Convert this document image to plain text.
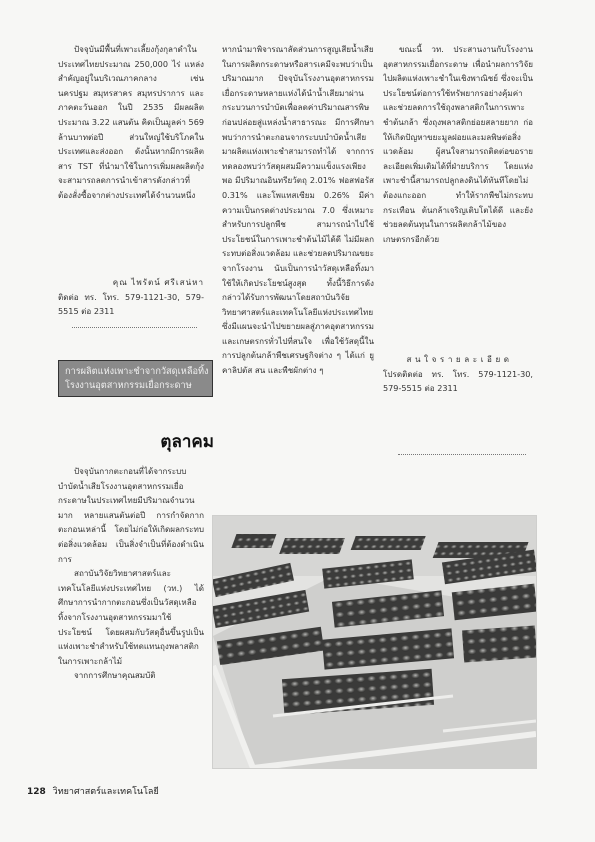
ปัจจุบันมีพื้นที่เพาะเลี้ยงกุ้งกุลาดำในประเทศไทยประมาณ 250,000 ไร่ แหล่งสำคัญอยู่ในบริเวณภาคกลาง เช่น นครปฐม สมุทรสาคร สมุทรปราการ และภาคตะวันออก ในปี 2535 มีผลผลิตประมาณ 3.22 แสนตัน คิดเป็นมูลค่า 569 ล้านบาทต่อปี ส่วนใหญ่ใช้บริโภคในประเทศและส่งออก ดังนั้นหากมีการผลิตสาร TST ที่นำมาใช้ในการเพิ่มผลผลิตกุ้งจะสามารถลดการนำเข้าสารดังกล่าวที่ต้องสั่งซื้อจากต่างประเทศได้จำนวนหนึ่ง

คุณ ไพรัตน์ ศรีเสน่หา

ติดต่อ ทร. โทร. 579-1121-30, 579-5515 ต่อ 2311

การผลิตแห่งเพาะชำจากวัสดุเหลือทิ้งโรงงานอุตสาหกรรมเยื่อกระดาษ
ตุลาคม

ปัจจุบันกากตะกอนที่ได้จากระบบบำบัดน้ำเสียโรงงานอุตสาหกรรมเยื่อกระดาษในประเทศไทยมีปริมาณจำนวนมาก หลายแสนตันต่อปี การกำจัดกากตะกอนเหล่านี้ โดยไม่ก่อให้เกิดผลกระทบต่อสิ่งแวดล้อม เป็นสิ่งจำเป็นที่ต้องดำเนินการ

สถาบันวิจัยวิทยาศาสตร์และเทคโนโลยีแห่งประเทศไทย (วท.) ได้ศึกษาการนำกากตะกอนซึ่งเป็นวัสดุเหลือทิ้งจากโรงงานอุตสาหกรรมมาใช้ประโยชน์ โดยผสมกับวัสดุอื่นขึ้นรูปเป็นแห่งเพาะชำสำหรับใช้ทดแทนถุงพลาสติกในการเพาะกล้าไม้

จากการศึกษาคุณสมบัติ

หากนำมาพิจารณาสัดส่วนการสูญเสียน้ำเสียในการผลิตกระดาษหรือสารเคมีจะพบว่าเป็นปริมาณมาก ปัจจุบันโรงงานอุตสาหกรรมเยื่อกระดาษหลายแห่งได้นำน้ำเสียมาผ่านกระบวนการบำบัดเพื่อลดค่าปริมาณสารพิษก่อนปล่อยสู่แหล่งน้ำสาธารณะ มีการศึกษาพบว่าการนำตะกอนจากระบบบำบัดน้ำเสียมาผลิตแห่งเพาะชำสามารถทำได้ จากการทดลองพบว่าวัสดุผสมมีความแข็งแรงเพียงพอ มีปริมาณอินทรียวัตถุ 2.01% ฟอสฟอรัส 0.31% และโพแทสเซียม 0.26% มีค่าความเป็นกรดด่างประมาณ 7.0 ซึ่งเหมาะสำหรับการปลูกพืช สามารถนำไปใช้ประโยชน์ในการเพาะชำต้นไม้ได้ดี ไม่มีผลกระทบต่อสิ่งแวดล้อม และช่วยลดปริมาณขยะจากโรงงาน นับเป็นการนำวัสดุเหลือทิ้งมาใช้ให้เกิดประโยชน์สูงสุด ทั้งนี้วิธีการดังกล่าวได้รับการพัฒนาโดยสถาบันวิจัยวิทยาศาสตร์และเทคโนโลยีแห่งประเทศไทย ซึ่งมีแผนจะนำไปขยายผลสู่ภาคอุตสาหกรรม และเกษตรกรทั่วไปที่สนใจ เพื่อใช้วัสดุนี้ในการปลูกต้นกล้าพืชเศรษฐกิจต่าง ๆ ได้แก่ ยูคาลิปตัส สน และพืชผักต่าง ๆ

ขณะนี้ วท. ประสานงานกับโรงงานอุตสาหกรรมเยื่อกระดาษ เพื่อนำผลการวิจัยไปผลิตแห่งเพาะชำในเชิงพาณิชย์ ซึ่งจะเป็นประโยชน์ต่อการใช้ทรัพยากรอย่างคุ้มค่า และช่วยลดการใช้ถุงพลาสติกในการเพาะชำต้นกล้า ซึ่งถุงพลาสติกย่อยสลายยาก ก่อให้เกิดปัญหาขยะมูลฝอยและมลพิษต่อสิ่งแวดล้อม ผู้สนใจสามารถติดต่อขอรายละเอียดเพิ่มเติมได้ที่ฝ่ายบริการ โดยแห่งเพาะชำนี้สามารถปลูกลงดินได้ทันทีโดยไม่ต้องแกะออก ทำให้รากพืชไม่กระทบกระเทือน ต้นกล้าเจริญเติบโตได้ดี และยังช่วยลดต้นทุนในการผลิตกล้าไม้ของเกษตรกรอีกด้วย

ส น ใ จ ร า ย ล ะ เ อี ย ด

โปรดติดต่อ ทร. โทร. 579-1121-30, 579-5515 ต่อ 2311

128 วิทยาศาสตร์และเทคโนโลยี
